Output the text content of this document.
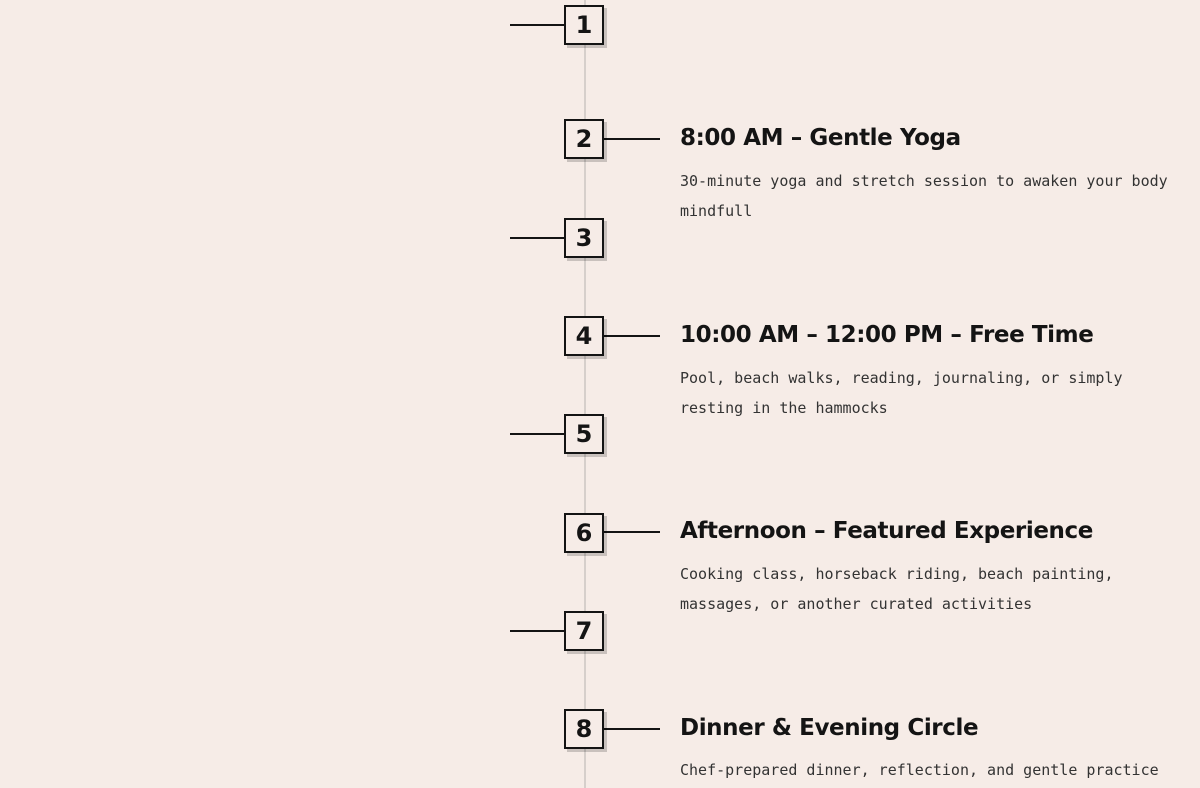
1
2	8:00 AM – Gentle Yoga
30-minute yoga and stretch session to awaken your body
mindfull
3
4	10:00 AM – 12:00 PM – Free Time
Pool, beach walks, reading, journaling, or simply
resting in the hammocks
5
6	Afternoon – Featured Experience
Cooking class, horseback riding, beach painting,
massages, or another curated activities
7
8	Dinner & Evening Circle
Chef-prepared dinner, reflection, and gentle practice
